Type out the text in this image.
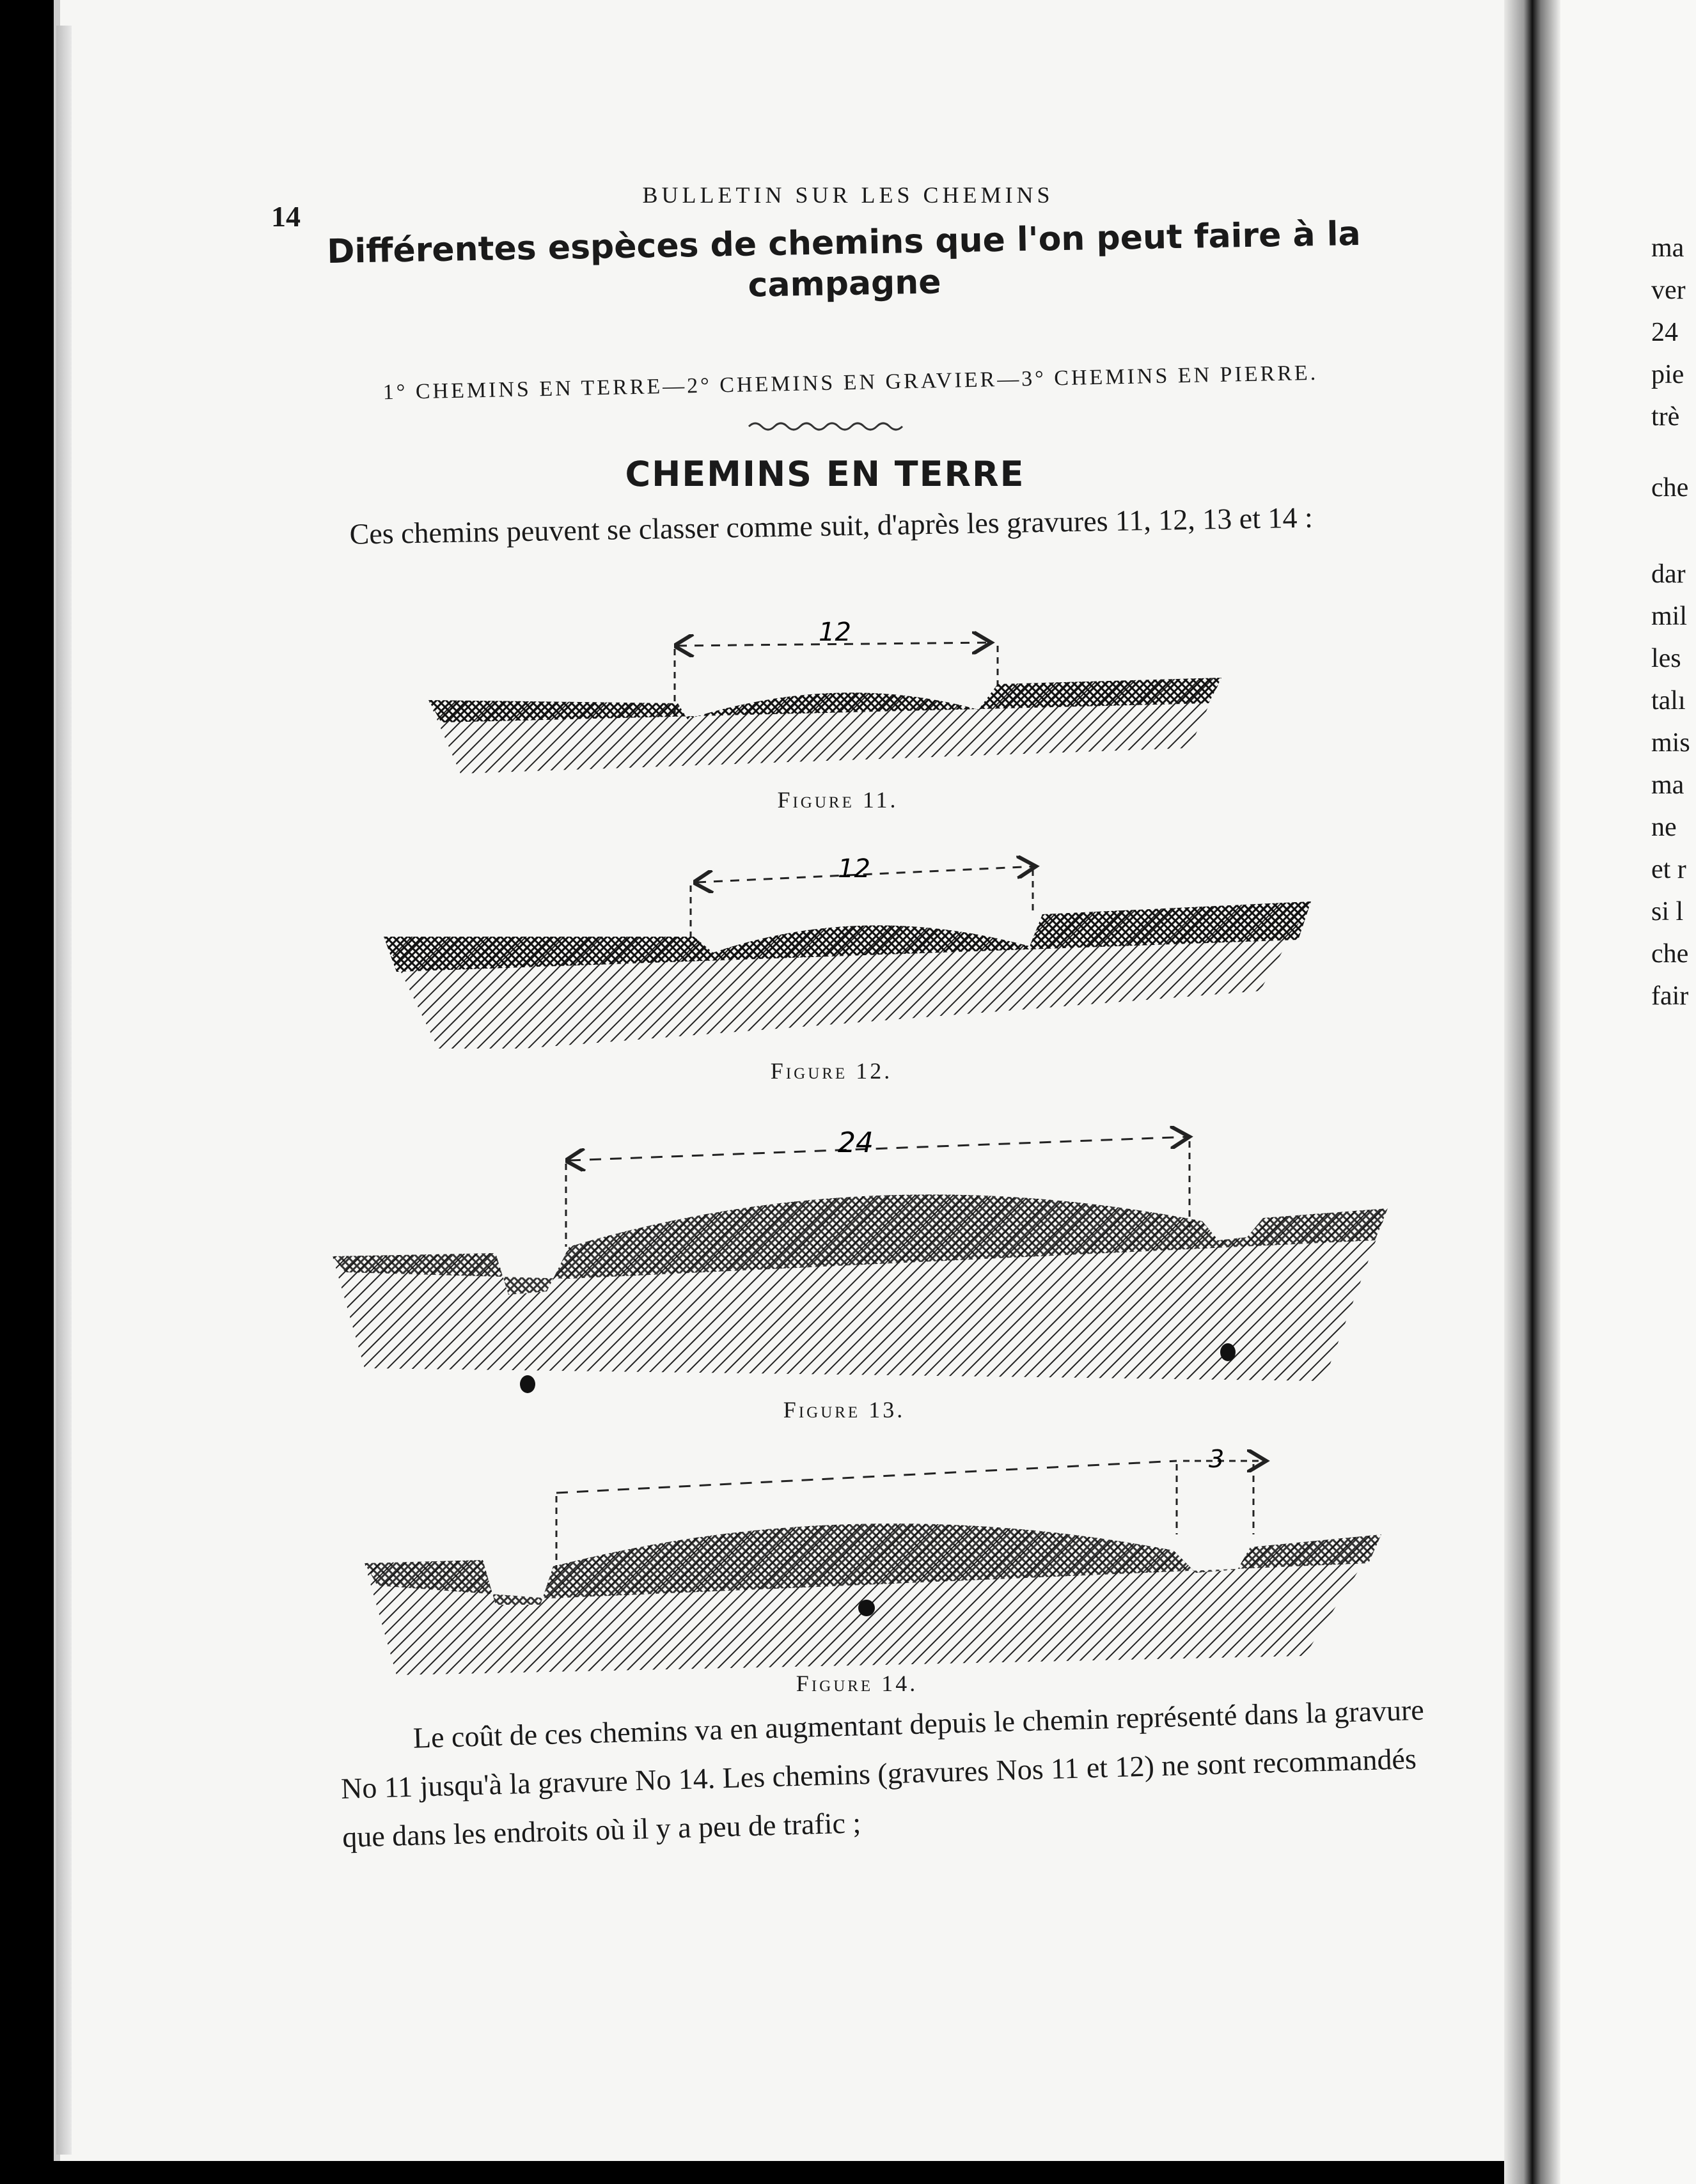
14
BULLETIN SUR LES CHEMINS
Différentes espèces de chemins que l'on peut faire à la campagne
1° CHEMINS EN TERRE—2° CHEMINS EN GRAVIER—3° CHEMINS EN PIERRE.
CHEMINS EN TERRE
Ces chemins peuvent se classer comme suit, d'après les gravures 11, 12, 13 et 14 :
12
Figure 11.
12
Figure 12.
24
Figure 13.
3
Figure 14.
Le coût de ces chemins va en augmentant depuis le chemin représenté dans la gravure No 11 jusqu'à la gravure No 14. Les chemins (gravures Nos 11 et 12) ne sont recommandés que dans les endroits où il y a peu de trafic ;
ma
ver
24
pie
trè
che
dar
mil
les
talı
mis
ma
ne
et r
si l
che
fair
